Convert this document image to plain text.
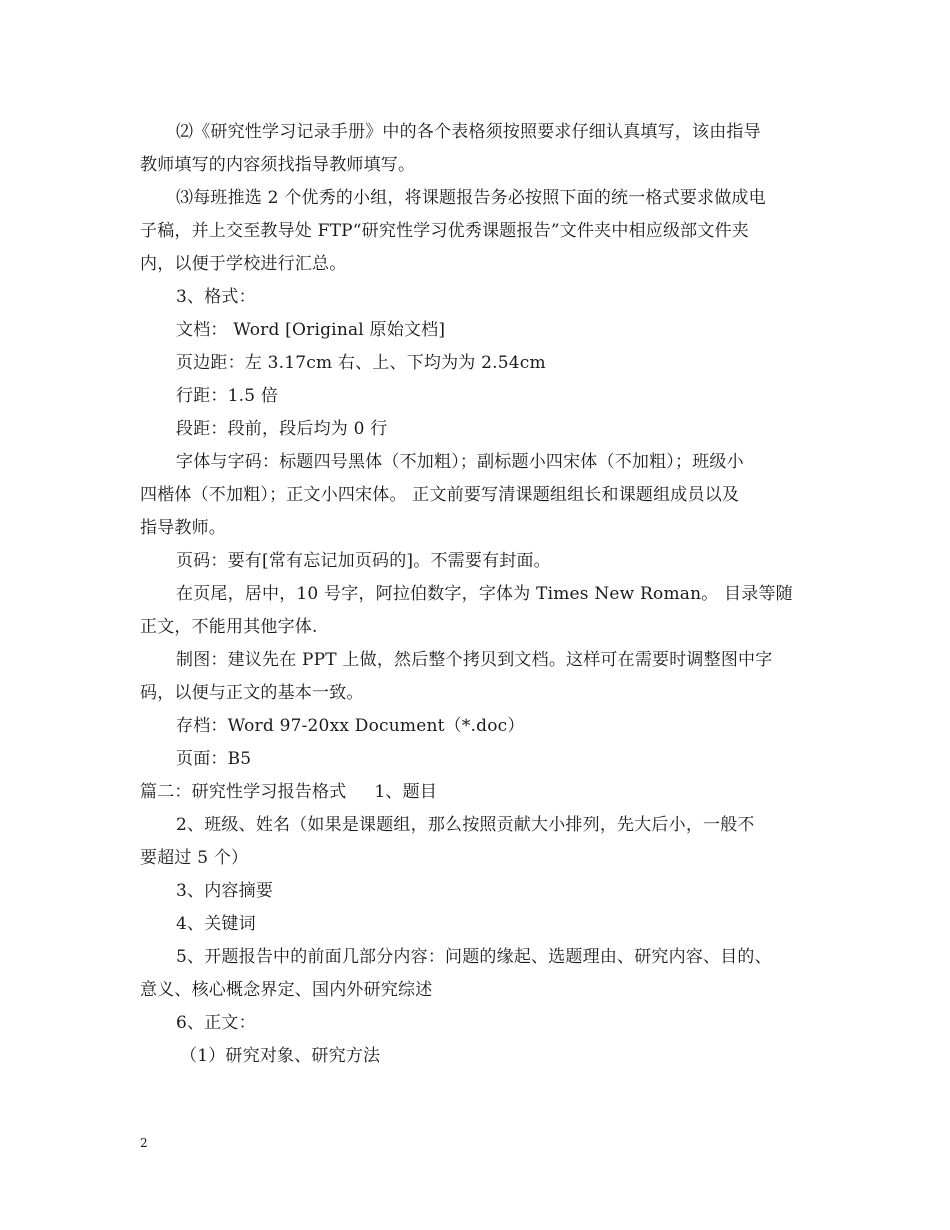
⑵《研究性学习记录手册》中的各个表格须按照要求仔细认真填写，该由指导
教师填写的内容须找指导教师填写。
⑶每班推选 2 个优秀的小组，将课题报告务必按照下面的统一格式要求做成电
子稿，并上交至教导处 FTP“研究性学习优秀课题报告”文件夹中相应级部文件夹
内，以便于学校进行汇总。
3、格式：
文档： Word [Original 原始文档]
页边距：左 3.17cm 右、上、下均为为 2.54cm
行距：1.5 倍
段距：段前，段后均为 0 行
字体与字码：标题四号黑体（不加粗）；副标题小四宋体（不加粗）；班级小
四楷体（不加粗）；正文小四宋体。 正文前要写清课题组组长和课题组成员以及
指导教师。
页码：要有[常有忘记加页码的]。不需要有封面。
在页尾，居中，10 号字，阿拉伯数字，字体为 Times New Roman。 目录等随
正文，不能用其他字体.
制图：建议先在 PPT 上做，然后整个拷贝到文档。这样可在需要时调整图中字
码，以便与正文的基本一致。
存档：Word 97-20xx Document（*.doc）
页面：B5
篇二：研究性学习报告格式 1、题目
2、班级、姓名（如果是课题组，那么按照贡献大小排列，先大后小，一般不
要超过 5 个）
3、内容摘要
4、关键词
5、开题报告中的前面几部分内容：问题的缘起、选题理由、研究内容、目的、
意义、核心概念界定、国内外研究综述
6、正文：
（1）研究对象、研究方法
2
